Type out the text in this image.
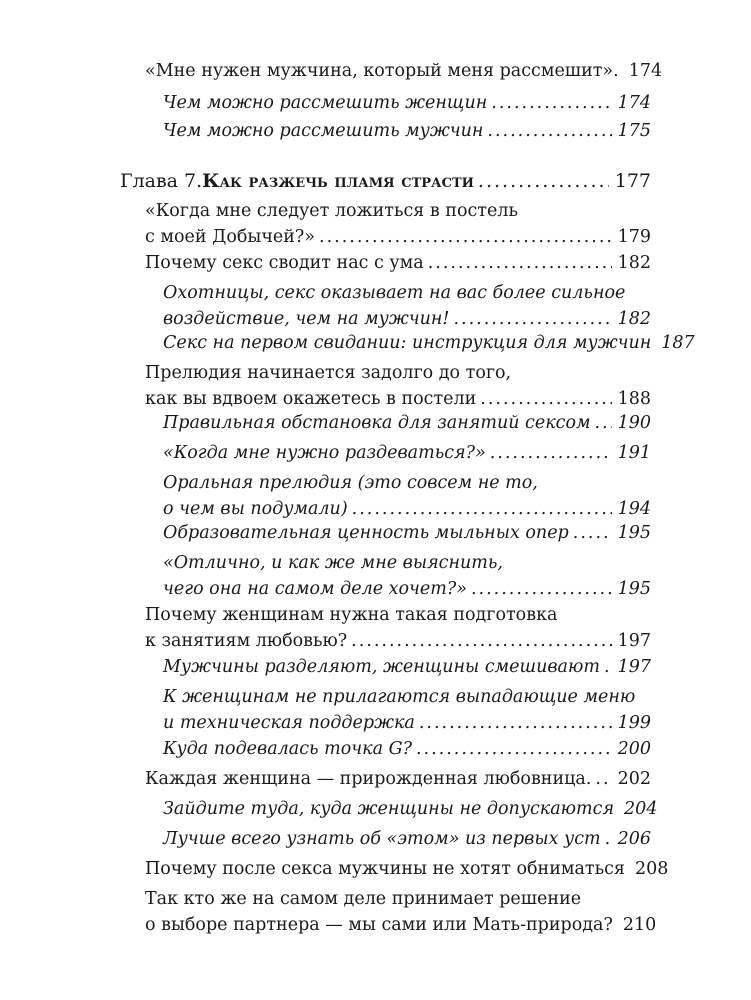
«Мне нужен мужчина, который меня рассмешит». 174
Чем можно рассмешить женщин .....	174
Чем можно рассмешить мужчин .....	175
Глава 7. Как разжечь пламя страсти .....	177
«Когда мне следует ложиться в постель
с моей Добычей?» .....	179
Почему секс сводит нас с ума .....	182
Охотницы, секс оказывает на вас более сильное
воздействие, чем на мужчин! .....	182
Секс на первом свидании: инструкция для мужчин 187
Прелюдия начинается задолго до того,
как вы вдвоем окажетесь в постели .....	188
Правильная обстановка для занятий сексом ..... 190
«Когда мне нужно раздеваться?» .....	191
Оральная прелюдия (это совсем не то,
о чем вы подумали) .....	194
Образовательная ценность мыльных опер .....	195
«Отлично, и как же мне выяснить,
чего она на самом деле хочет?» .....	195
Почему женщинам нужна такая подготовка
к занятиям любовью? .....	197
Мужчины разделяют, женщины смешивают ..... 197
К женщинам не прилагаются выпадающие меню
и техническая поддержка .....	199
Куда подевалась точка G? .....	200
Каждая женщина — прирожденная любовница. ..... 202
Зайдите туда, куда женщины не допускаются 204
Лучше всего узнать об «этом» из первых уст ..... 206
Почему после секса мужчины не хотят обниматься 208
Так кто же на самом деле принимает решение
о выборе партнера — мы сами или Мать-природа? 210
